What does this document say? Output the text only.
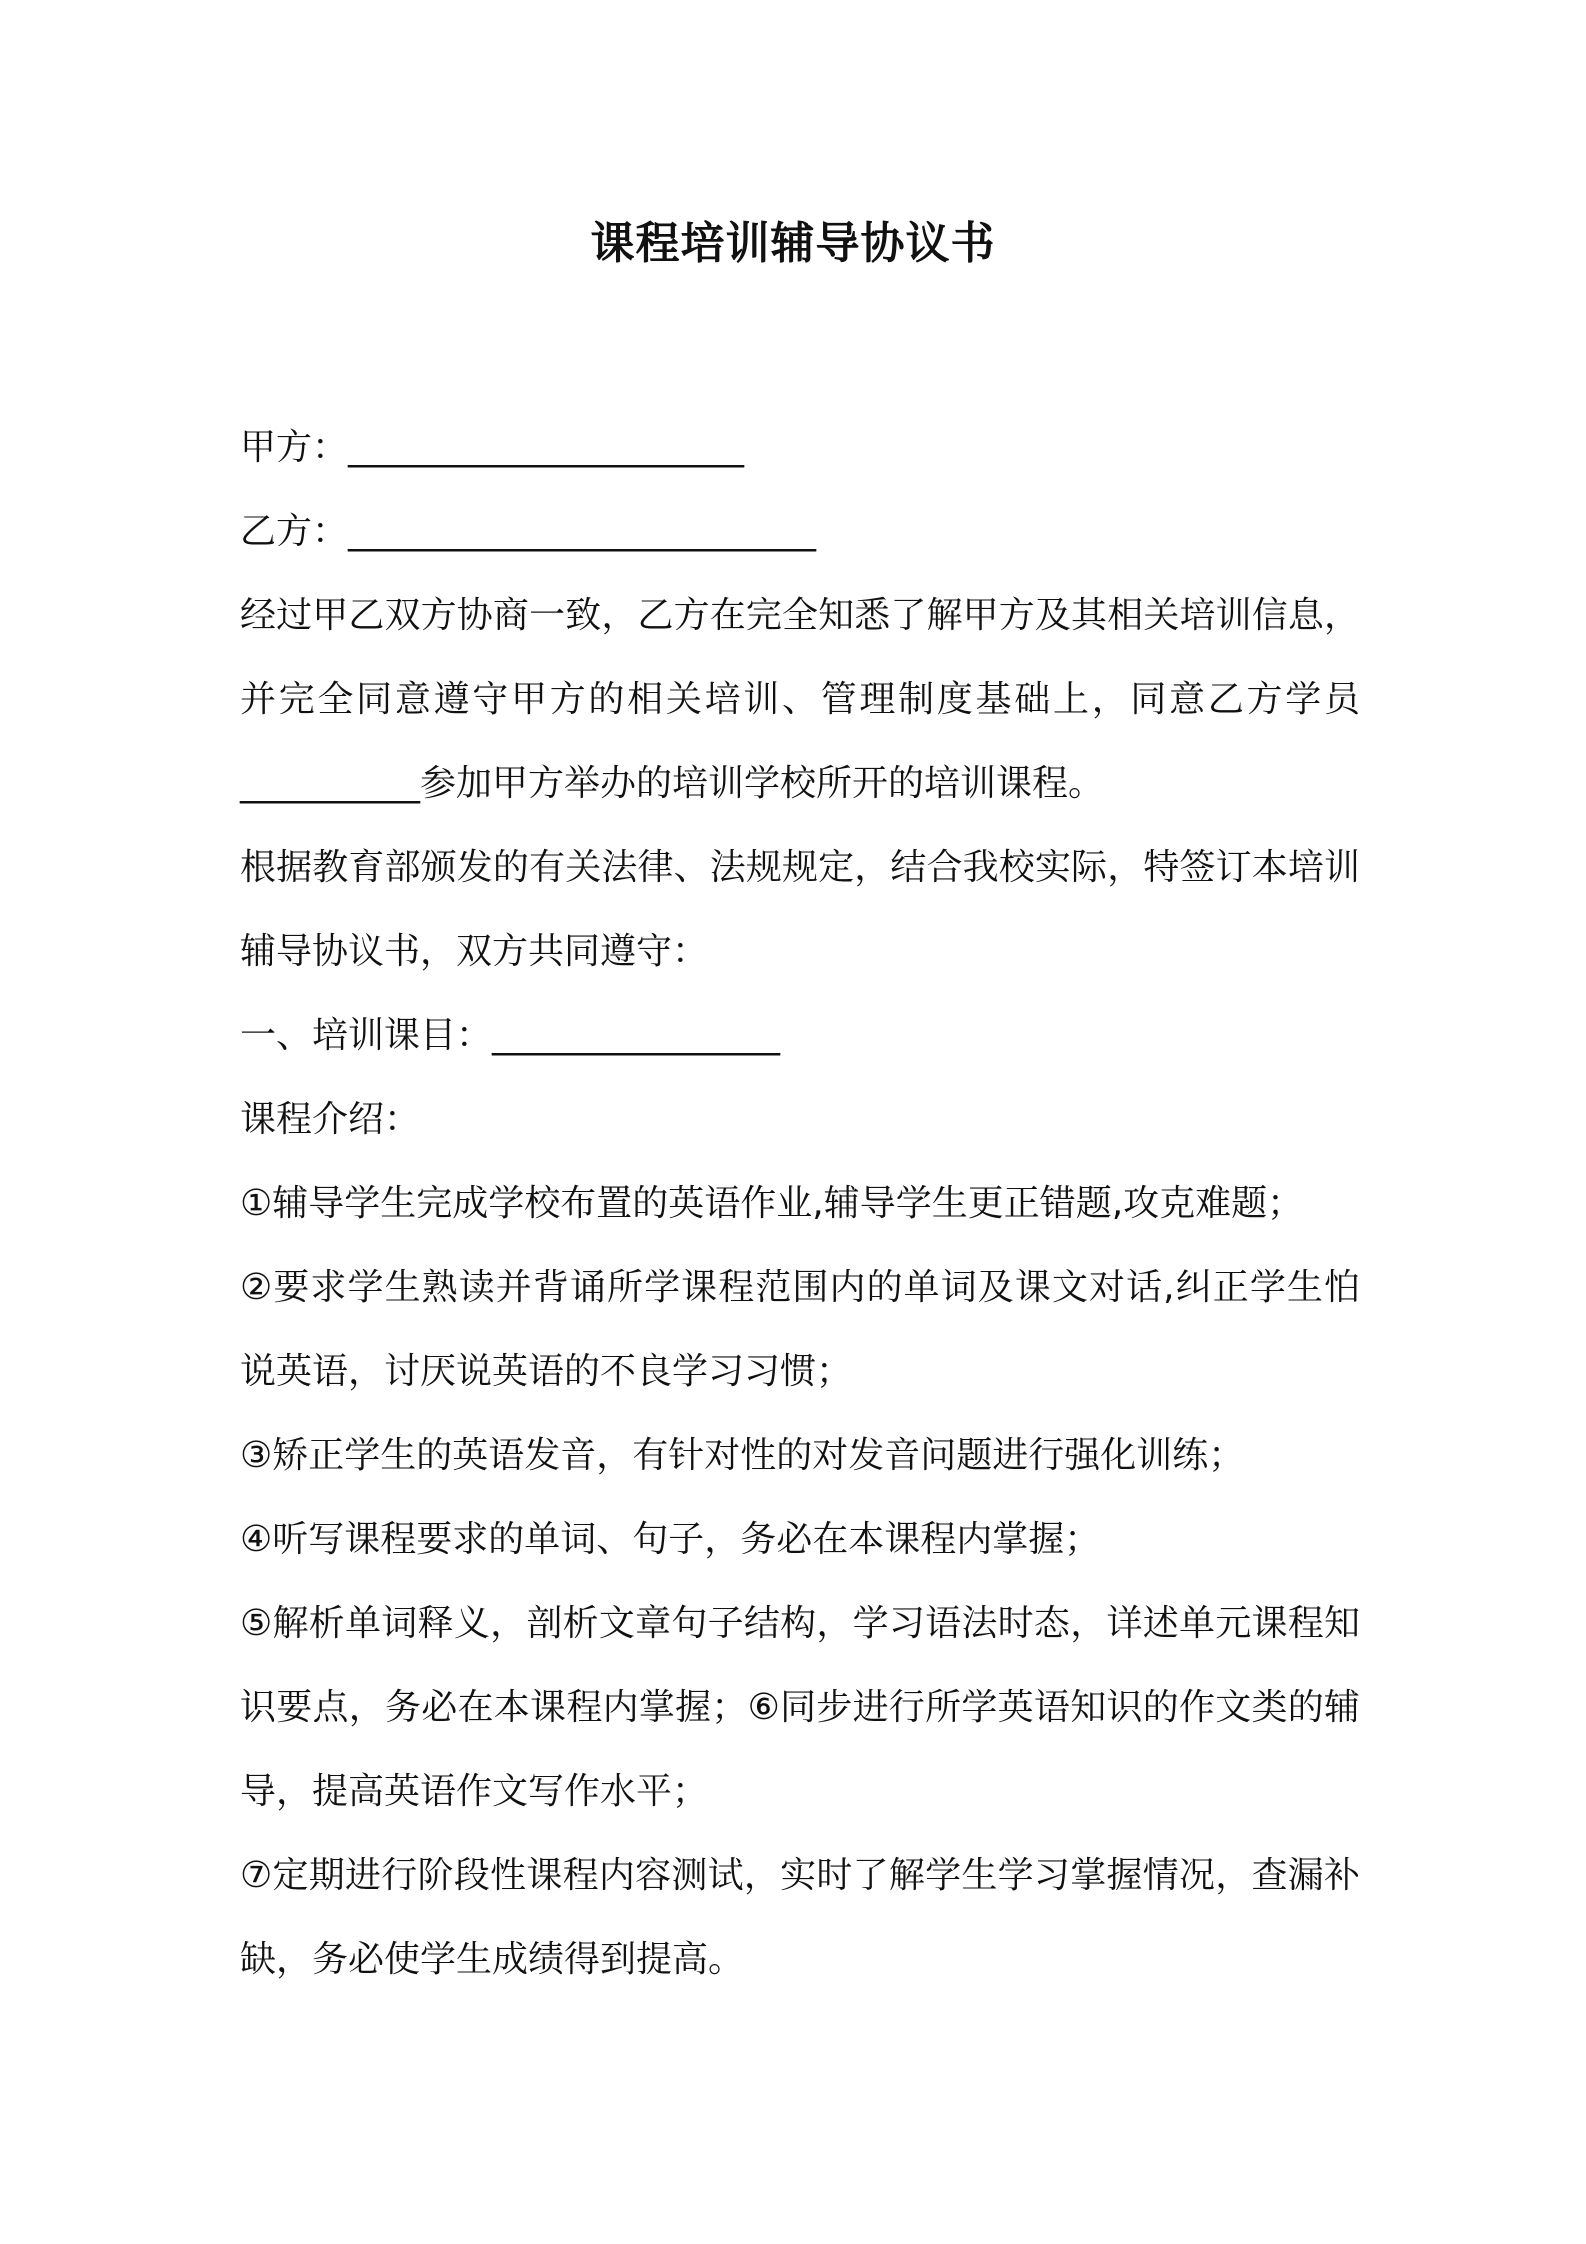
课程培训辅导协议书

甲方：______________________

乙方：__________________________

经过甲乙双方协商一致，乙方在完全知悉了解甲方及其相关培训信息，并完全同意遵守甲方的相关培训、管理制度基础上，同意乙方学员__________参加甲方举办的培训学校所开的培训课程。

根据教育部颁发的有关法律、法规规定，结合我校实际，特签订本培训辅导协议书，双方共同遵守：

一、培训课目：________________

课程介绍：

①辅导学生完成学校布置的英语作业,辅导学生更正错题,攻克难题；

②要求学生熟读并背诵所学课程范围内的单词及课文对话,纠正学生怕说英语，讨厌说英语的不良学习习惯；

③矫正学生的英语发音，有针对性的对发音问题进行强化训练；

④听写课程要求的单词、句子，务必在本课程内掌握；

⑤解析单词释义，剖析文章句子结构，学习语法时态，详述单元课程知识要点，务必在本课程内掌握；⑥同步进行所学英语知识的作文类的辅导，提高英语作文写作水平；

⑦定期进行阶段性课程内容测试，实时了解学生学习掌握情况，查漏补缺，务必使学生成绩得到提高。
